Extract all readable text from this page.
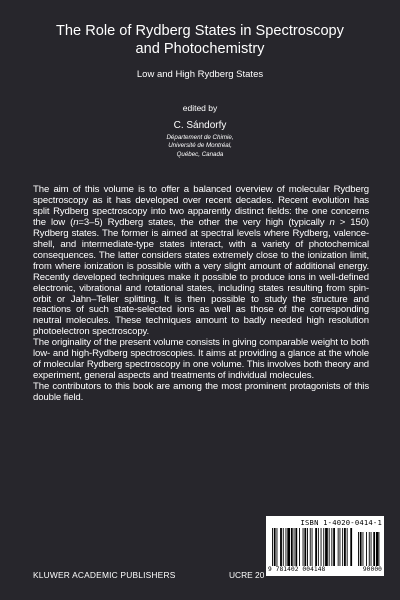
The Role of Rydberg States in Spectroscopy
and Photochemistry
Low and High Rydberg States
edited by
C. Sándorfy
Département de Chimie,
Université de Montréal,
Québec, Canada

The aim of this volume is to offer a balanced overview of molecular Rydberg spectroscopy as it has developed over recent decades. Recent evolution has split Rydberg spectroscopy into two apparently distinct fields: the one concerns the low (n=3–5) Rydberg states, the other the very high (typically n > 150) Rydberg states. The former is aimed at spectral levels where Rydberg, valence-shell, and intermediate-type states interact, with a variety of photochemical consequences. The latter considers states extremely close to the ionization limit, from where ionization is possible with a very slight amount of additional energy. Recently developed techniques make it possible to produce ions in well-defined electronic, vibrational and rotational states, including states resulting from spin-orbit or Jahn–Teller splitting. It is then possible to study the structure and reactions of such state-selected ions as well as those of the corresponding neutral molecules. These techniques amount to badly needed high resolution photoelectron spectroscopy.

The originality of the present volume consists in giving comparable weight to both low- and high-Rydberg spectroscopies. It aims at providing a glance at the whole of molecular Rydberg spectroscopy in one volume. This involves both theory and experiment, general aspects and treatments of individual molecules.

The contributors to this book are among the most prominent protagonists of this double field.

ISBN 1-4020-0414-1
9 781402 004148	90000
KLUWER ACADEMIC PUBLISHERS	UCRE 20
